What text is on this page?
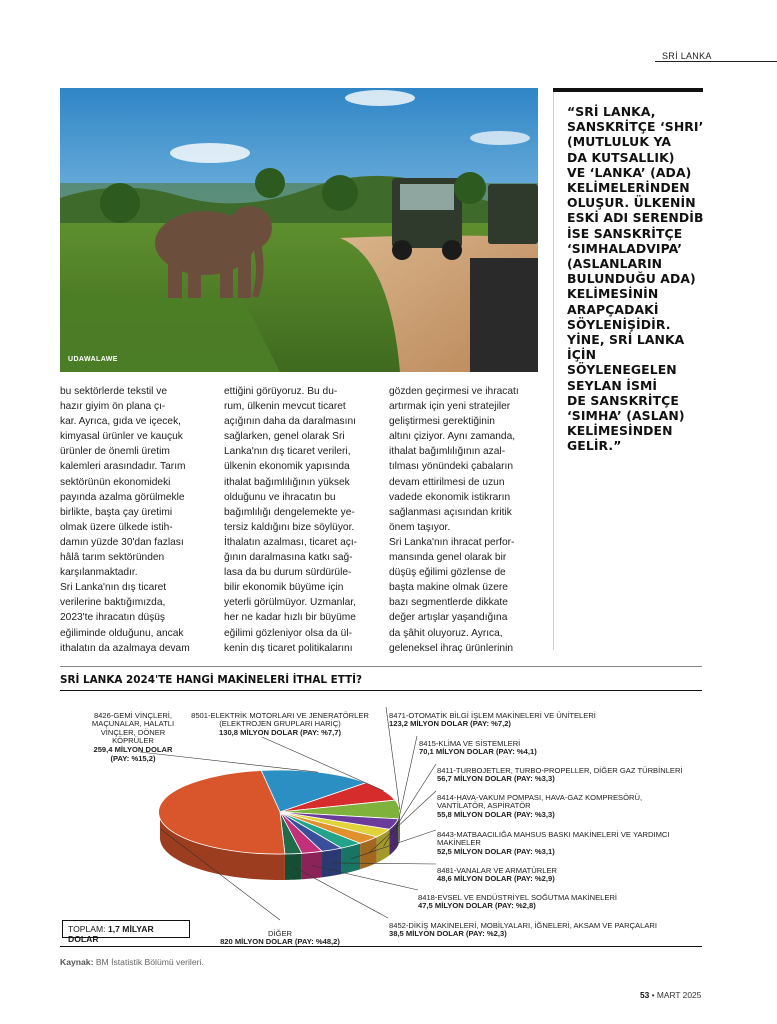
SRİ LANKA
UDAWALAWE
“SRİ LANKA,
SANSKRİTÇE ‘SHRI’
(MUTLULUK YA
DA KUTSALLIK)
VE ‘LANKA’ (ADA)
KELİMELERİNDEN
OLUŞUR. ÜLKENİN
ESKİ ADI SERENDİB
İSE SANSKRİTÇE
‘SIMHALADVIPA’
(ASLANLARIN
BULUNDUĞU ADA)
KELİMESİNİN
ARAPÇADAKİ
SÖYLENİŞİDİR.
YİNE, SRİ LANKA
İÇİN SÖYLENEGELEN
SEYLAN İSMİ
DE SANSKRİTÇE
‘SIMHA’ (ASLAN)
KELİMESİNDEN
GELİR.”
bu sektörlerde tekstil ve
hazır giyim ön plana çı-
kar. Ayrıca, gıda ve içecek,
kimyasal ürünler ve kauçuk
ürünler de önemli üretim
kalemleri arasındadır. Tarım
sektörünün ekonomideki
payında azalma görülmekle
birlikte, başta çay üretimi
olmak üzere ülkede istih-
damın yüzde 30'dan fazlası
hâlâ tarım sektöründen
karşılanmaktadır.
Sri Lanka'nın dış ticaret
verilerine baktığımızda,
2023'te ihracatın düşüş
eğiliminde olduğunu, ancak
ithalatın da azalmaya devam
ettiğini görüyoruz. Bu du-
rum, ülkenin mevcut ticaret
açığının daha da daralmasını
sağlarken, genel olarak Sri
Lanka'nın dış ticaret verileri,
ülkenin ekonomik yapısında
ithalat bağımlılığının yüksek
olduğunu ve ihracatın bu
bağımlılığı dengelemekte ye-
tersiz kaldığını bize söylüyor.
İthalatın azalması, ticaret açı-
ğının daralmasına katkı sağ-
lasa da bu durum sürdürüle-
bilir ekonomik büyüme için
yeterli görülmüyor. Uzmanlar,
her ne kadar hızlı bir büyüme
eğilimi gözleniyor olsa da ül-
kenin dış ticaret politikalarını
gözden geçirmesi ve ihracatı
artırmak için yeni stratejiler
geliştirmesi gerektiğinin
altını çiziyor. Aynı zamanda,
ithalat bağımlılığının azal-
tılması yönündeki çabaların
devam ettirilmesi de uzun
vadede ekonomik istikrarın
sağlanması açısından kritik
önem taşıyor.
Sri Lanka'nın ihracat perfor-
mansında genel olarak bir
düşüş eğilimi gözlense de
başta makine olmak üzere
bazı segmentlerde dikkate
değer artışlar yaşandığına
da şâhit oluyoruz. Ayrıca,
geleneksel ihraç ürünlerinin
SRİ LANKA 2024'TE HANGİ MAKİNELERİ İTHAL ETTİ?

8426-GEMİ VİNÇLERİ,
MAÇUNALAR, HALATLI
VİNÇLER, DÖNER
KÖPRÜLER

259,4 MİLYON DOLAR
(PAY: %15,2)

8501-ELEKTRİK MOTORLARI VE JENERATÖRLER
(ELEKTROJEN GRUPLARI HARİÇ)

130,8 MİLYON DOLAR (PAY: %7,7)

8471-OTOMATİK BİLGİ İŞLEM MAKİNELERİ VE ÜNİTELERİ

123,2 MİLYON DOLAR (PAY: %7,2)

8415-KLİMA VE SİSTEMLERİ

70,1 MİLYON DOLAR (PAY: %4,1)

8411-TURBOJETLER, TURBO-PROPELLER, DİĞER GAZ TÜRBİNLERİ

56,7 MİLYON DOLAR (PAY: %3,3)

8414-HAVA-VAKUM POMPASI, HAVA-GAZ KOMPRESÖRÜ,
VANTİLATÖR, ASPİRATÖR

55,8 MİLYON DOLAR (PAY: %3,3)

8443-MATBAACILIĞA MAHSUS BASKI MAKİNELERİ VE YARDIMCI
MAKİNELER

52,5 MİLYON DOLAR (PAY: %3,1)

8481-VANALAR VE ARMATÜRLER

48,6 MİLYON DOLAR (PAY: %2,9)

8418-EVSEL VE ENDÜSTRİYEL SOĞUTMA MAKİNELERİ

47,5 MİLYON DOLAR (PAY: %2,8)

8452-DİKİŞ MAKİNELERİ, MOBİLYALARI, İĞNELERİ, AKSAM VE PARÇALARI

38,5 MİLYON DOLAR (PAY: %2,3)

DİĞER

820 MİLYON DOLAR (PAY: %48,2)

TOPLAM: 1,7 MİLYAR DOLAR
Kaynak: BM İstatistik Bölümü verileri.
53 • MART 2025
